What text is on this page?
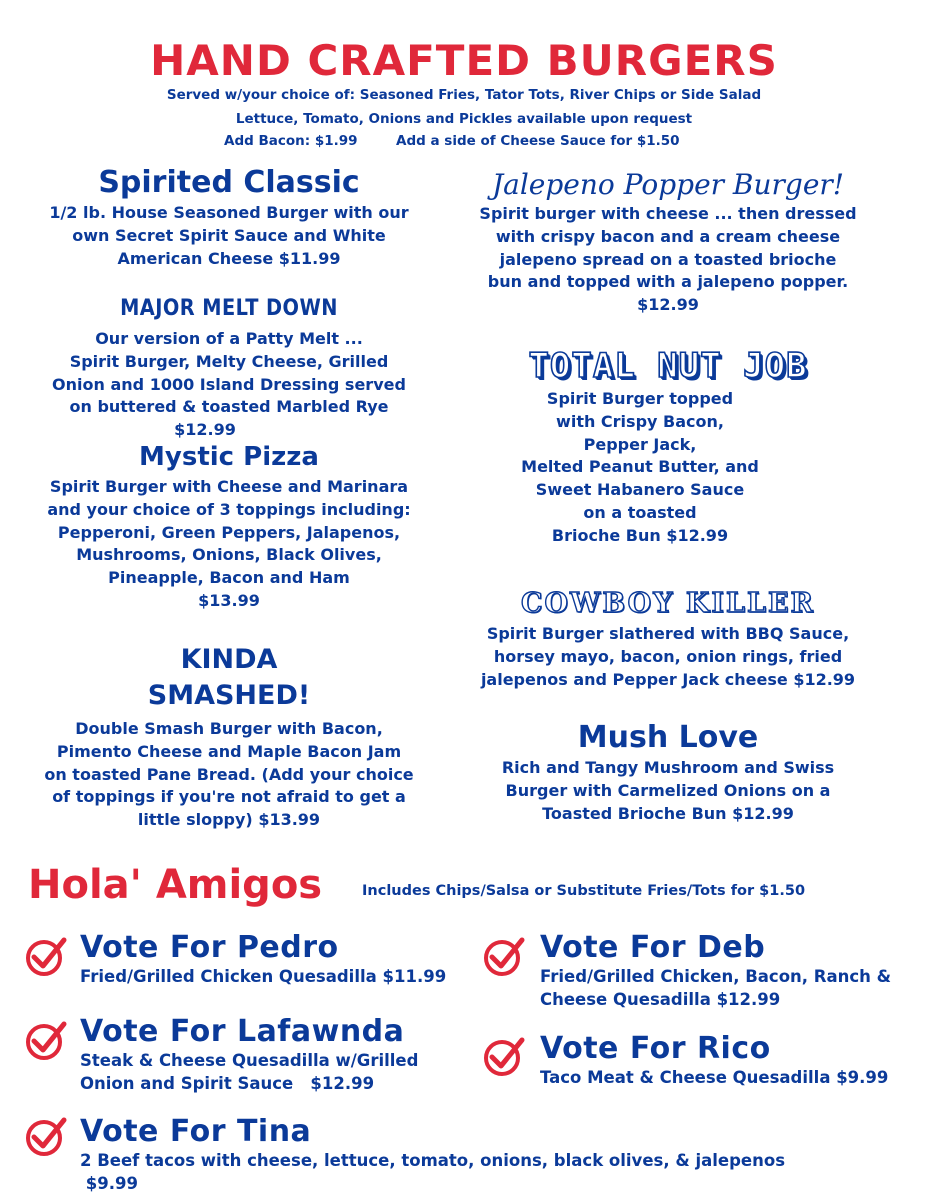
HAND CRAFTED BURGERS
Served w/your choice of: Seasoned Fries, Tator Tots, River Chips or Side Salad
Lettuce, Tomato, Onions and Pickles available upon request
Add Bacon: $1.99	Add a side of Cheese Sauce for $1.50
Spirited Classic
1/2 lb. House Seasoned Burger with our
own Secret Spirit Sauce and White
American Cheese $11.99
MAJOR MELT DOWN
Our version of a Patty Melt ...
Spirit Burger, Melty Cheese, Grilled
Onion and 1000 Island Dressing served
on buttered & toasted Marbled Rye
$12.99
Mystic Pizza
Spirit Burger with Cheese and Marinara
and your choice of 3 toppings including:
Pepperoni, Green Peppers, Jalapenos,
Mushrooms, Onions, Black Olives,
Pineapple, Bacon and Ham
$13.99
KINDA
SMASHED!
Double Smash Burger with Bacon,
Pimento Cheese and Maple Bacon Jam
on toasted Pane Bread. (Add your choice
of toppings if you're not afraid to get a
little sloppy) $13.99
Jalepeno Popper Burger!
Spirit burger with cheese ... then dressed
with crispy bacon and a cream cheese
jalepeno spread on a toasted brioche
bun and topped with a jalepeno popper.
$12.99
TOTAL NUT JOB
Spirit Burger topped
with Crispy Bacon,
Pepper Jack,
Melted Peanut Butter, and
Sweet Habanero Sauce
on a toasted
Brioche Bun $12.99
COWBOY KILLER
Spirit Burger slathered with BBQ Sauce,
horsey mayo, bacon, onion rings, fried
jalepenos and Pepper Jack cheese $12.99
Mush Love
Rich and Tangy Mushroom and Swiss
Burger with Carmelized Onions on a
Toasted Brioche Bun $12.99
Hola' Amigos	Includes Chips/Salsa or Substitute Fries/Tots for $1.50
Vote For Pedro
Fried/Grilled Chicken Quesadilla $11.99
Vote For Deb
Fried/Grilled Chicken, Bacon, Ranch &
Cheese Quesadilla $12.99
Vote For Lafawnda
Steak & Cheese Quesadilla w/Grilled
Onion and Spirit Sauce   $12.99
Vote For Rico
Taco Meat & Cheese Quesadilla $9.99
Vote For Tina
2 Beef tacos with cheese, lettuce, tomato, onions, black olives, & jalepenos
$9.99
